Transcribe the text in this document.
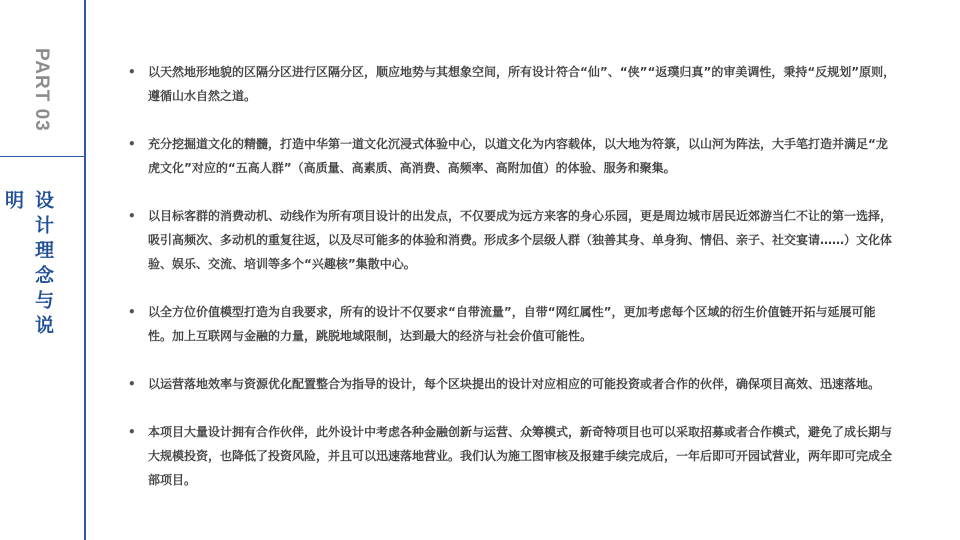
PART 03
设计理念与说明
• 以天然地形地貌的区隔分区进行区隔分区，顺应地势与其想象空间，所有设计符合“仙”、“侠”“返璞归真”的审美调性，秉持“反规划”原则，遵循山水自然之道。
• 充分挖掘道文化的精髓，打造中华第一道文化沉浸式体验中心，以道文化为内容载体，以大地为符箓，以山河为阵法，大手笔打造并满足“龙虎文化”对应的“五高人群”（高质量、高素质、高消费、高频率、高附加值）的体验、服务和聚集。
• 以目标客群的消费动机、动线作为所有项目设计的出发点，不仅要成为远方来客的身心乐园，更是周边城市居民近郊游当仁不让的第一选择，吸引高频次、多动机的重复往返，以及尽可能多的体验和消费。形成多个层级人群（独善其身、单身狗、情侣、亲子、社交宴请……）文化体验、娱乐、交流、培训等多个“兴趣核”集散中心。
• 以全方位价值模型打造为自我要求，所有的设计不仅要求“自带流量”，自带“网红属性”，更加考虑每个区域的衍生价值链开拓与延展可能性。加上互联网与金融的力量，跳脱地域限制，达到最大的经济与社会价值可能性。
• 以运营落地效率与资源优化配置整合为指导的设计，每个区块提出的设计对应相应的可能投资或者合作的伙伴，确保项目高效、迅速落地。
• 本项目大量设计拥有合作伙伴，此外设计中考虑各种金融创新与运营、众筹模式，新奇特项目也可以采取招募或者合作模式，避免了成长期与大规模投资，也降低了投资风险，并且可以迅速落地营业。我们认为施工图审核及报建手续完成后，一年后即可开园试营业，两年即可完成全部项目。
